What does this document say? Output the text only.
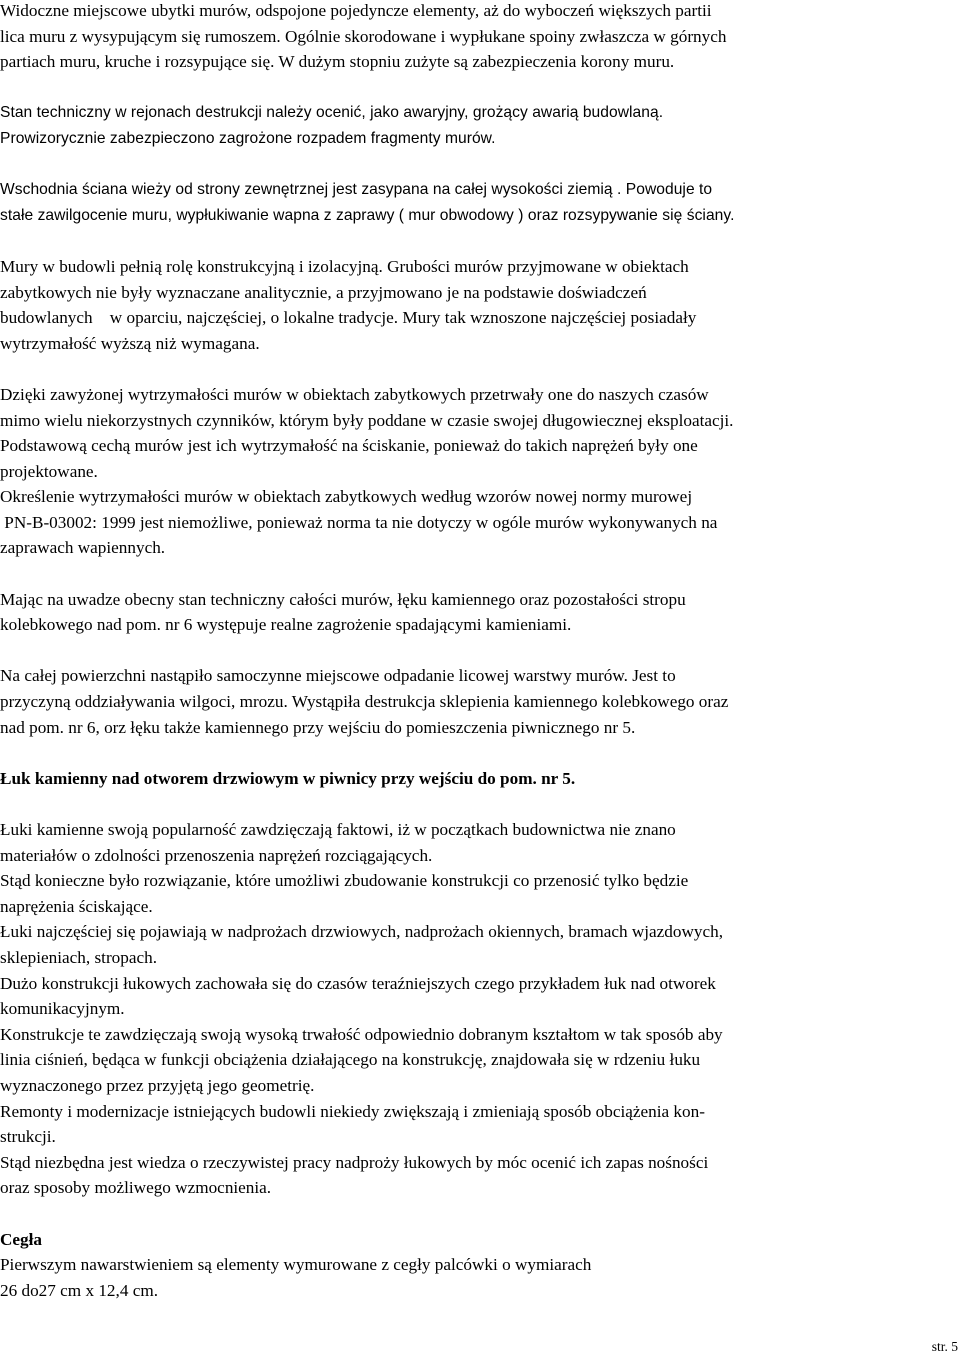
Widoczne miejscowe ubytki murów, odspojone pojedyncze elementy, aż do wyboczeń większych partii
lica muru z wysypującym się rumoszem. Ogólnie skorodowane i wypłukane spoiny zwłaszcza w górnych
partiach muru, kruche i rozsypujące się. W dużym stopniu zużyte są zabezpieczenia korony muru.

Stan techniczny w rejonach destrukcji należy ocenić, jako awaryjny, grożący awarią budowlaną.
Prowizorycznie zabezpieczono zagrożone rozpadem fragmenty murów.

Wschodnia ściana wieży od strony zewnętrznej jest zasypana na całej wysokości ziemią . Powoduje to
stałe zawilgocenie muru, wypłukiwanie wapna z zaprawy ( mur obwodowy ) oraz rozsypywanie się ściany.

Mury w budowli pełnią rolę konstrukcyjną i izolacyjną. Grubości murów przyjmowane w obiektach
zabytkowych nie były wyznaczane analitycznie, a przyjmowano je na podstawie doświadczeń
budowlanych    w oparciu, najczęściej, o lokalne tradycje. Mury tak wznoszone najczęściej posiadały
wytrzymałość wyższą niż wymagana.

Dzięki zawyżonej wytrzymałości murów w obiektach zabytkowych przetrwały one do naszych czasów
mimo wielu niekorzystnych czynników, którym były poddane w czasie swojej długowiecznej eksploatacji.
Podstawową cechą murów jest ich wytrzymałość na ściskanie, ponieważ do takich naprężeń były one
projektowane.
Określenie wytrzymałości murów w obiektach zabytkowych według wzorów nowej normy murowej
PN-B-03002: 1999 jest niemożliwe, ponieważ norma ta nie dotyczy w ogóle murów wykonywanych na
zaprawach wapiennych.

Mając na uwadze obecny stan techniczny całości murów, łęku kamiennego oraz pozostałości stropu
kolebkowego nad pom. nr 6 występuje realne zagrożenie spadającymi kamieniami.

Na całej powierzchni nastąpiło samoczynne miejscowe odpadanie licowej warstwy murów. Jest to
przyczyną oddziaływania wilgoci, mrozu. Wystąpiła destrukcja sklepienia kamiennego kolebkowego oraz
nad pom. nr 6, orz łęku także kamiennego przy wejściu do pomieszczenia piwnicznego nr 5.

Łuk kamienny nad otworem drzwiowym w piwnicy przy wejściu do pom. nr 5.

Łuki kamienne swoją popularność zawdzięczają faktowi, iż w początkach budownictwa nie znano
materiałów o zdolności przenoszenia naprężeń rozciągających.
Stąd konieczne było rozwiązanie, które umożliwi zbudowanie konstrukcji co przenosić tylko będzie
naprężenia ściskające.
Łuki najczęściej się pojawiają w nadprożach drzwiowych, nadprożach okiennych, bramach wjazdowych,
sklepieniach, stropach.
Dużo konstrukcji łukowych zachowała się do czasów teraźniejszych czego przykładem łuk nad otworek
komunikacyjnym.
Konstrukcje te zawdzięczają swoją wysoką trwałość odpowiednio dobranym kształtom w tak sposób aby
linia ciśnień, będąca w funkcji obciążenia działającego na konstrukcję, znajdowała się w rdzeniu łuku
wyznaczonego przez przyjętą jego geometrię.
Remonty i modernizacje istniejących budowli niekiedy zwiększają i zmieniają sposób obciążenia kon-
strukcji.
Stąd niezbędna jest wiedza o rzeczywistej pracy nadproży łukowych by móc ocenić ich zapas nośności
oraz sposoby możliwego wzmocnienia.

Cegła

Pierwszym nawarstwieniem są elementy wymurowane z cegły palcówki o wymiarach
26 do27 cm x 12,4 cm.

str. 5
